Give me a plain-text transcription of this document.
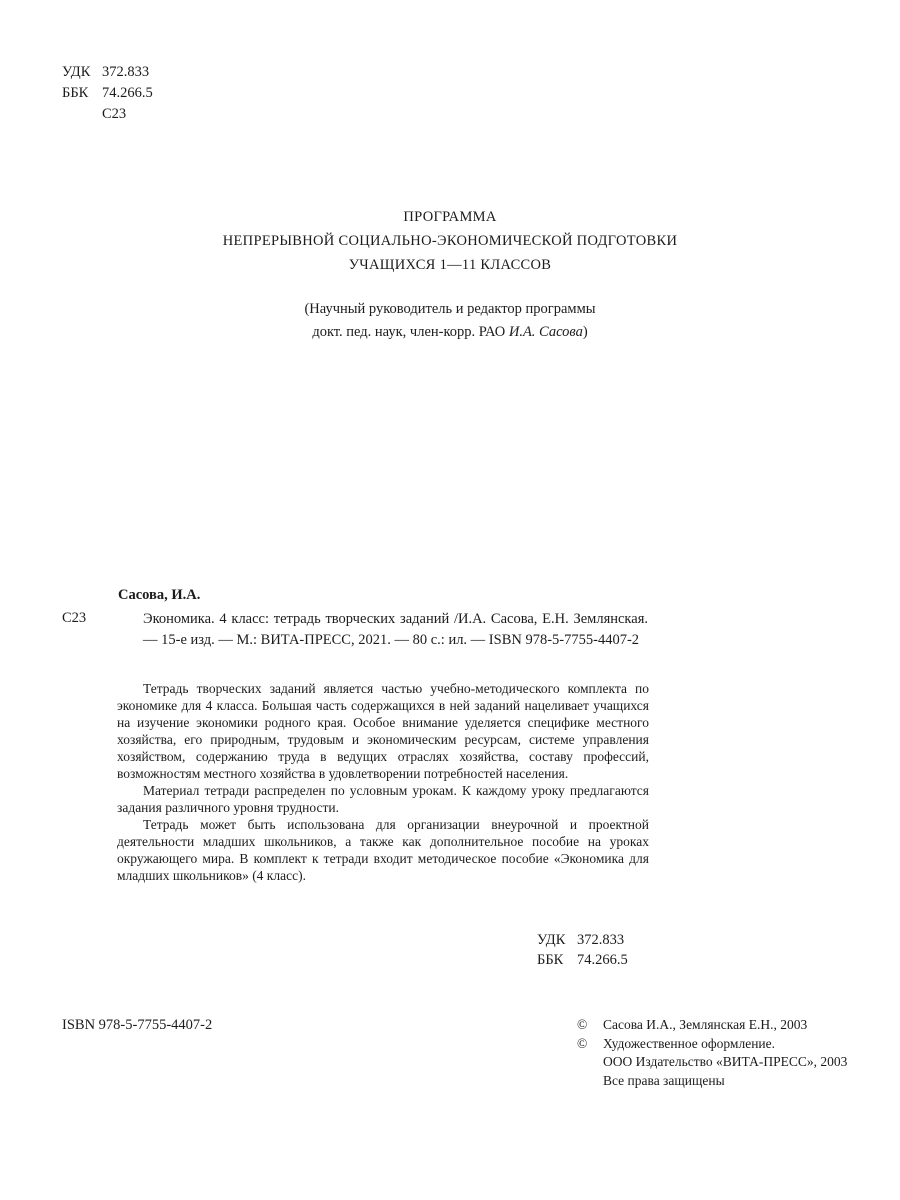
УДК 372.833
ББК 74.266.5
С23
ПРОГРАММА
НЕПРЕРЫВНОЙ СОЦИАЛЬНО-ЭКОНОМИЧЕСКОЙ ПОДГОТОВКИ
УЧАЩИХСЯ 1—11 КЛАССОВ
(Научный руководитель и редактор программы
докт. пед. наук, член-корр. РАО И.А. Сасова)
Сасова, И.А.
С23	Экономика. 4 класс: тетрадь творческих заданий /И.А. Сасова, Е.Н. Землянская. — 15-е изд. — М.: ВИТА-ПРЕСС, 2021. — 80 с.: ил. — ISBN 978-5-7755-4407-2

Тетрадь творческих заданий является частью учебно-методического комплекта по экономике для 4 класса. Большая часть содержащихся в ней заданий нацеливает учащихся на изучение экономики родного края. Особое внимание уделяется специфике местного хозяйства, его природным, трудовым и экономическим ресурсам, системе управления хозяйством, содержанию труда в ведущих отраслях хозяйства, составу профессий, возможностям местного хозяйства в удовлетворении потребностей населения.

Материал тетради распределен по условным урокам. К каждому уроку предлагаются задания различного уровня трудности.

Тетрадь может быть использована для организации внеурочной и проектной деятельности младших школьников, а также как дополнительное пособие на уроках окружающего мира. В комплект к тетради входит методическое пособие «Экономика для младших школьников» (4 класс).

УДК 372.833
ББК 74.266.5
ISBN 978-5-7755-4407-2	©	Сасова И.А., Землянская Е.Н., 2003
©	Художественное оформление.
ООО Издательство «ВИТА-ПРЕСС», 2003
Все права защищены
